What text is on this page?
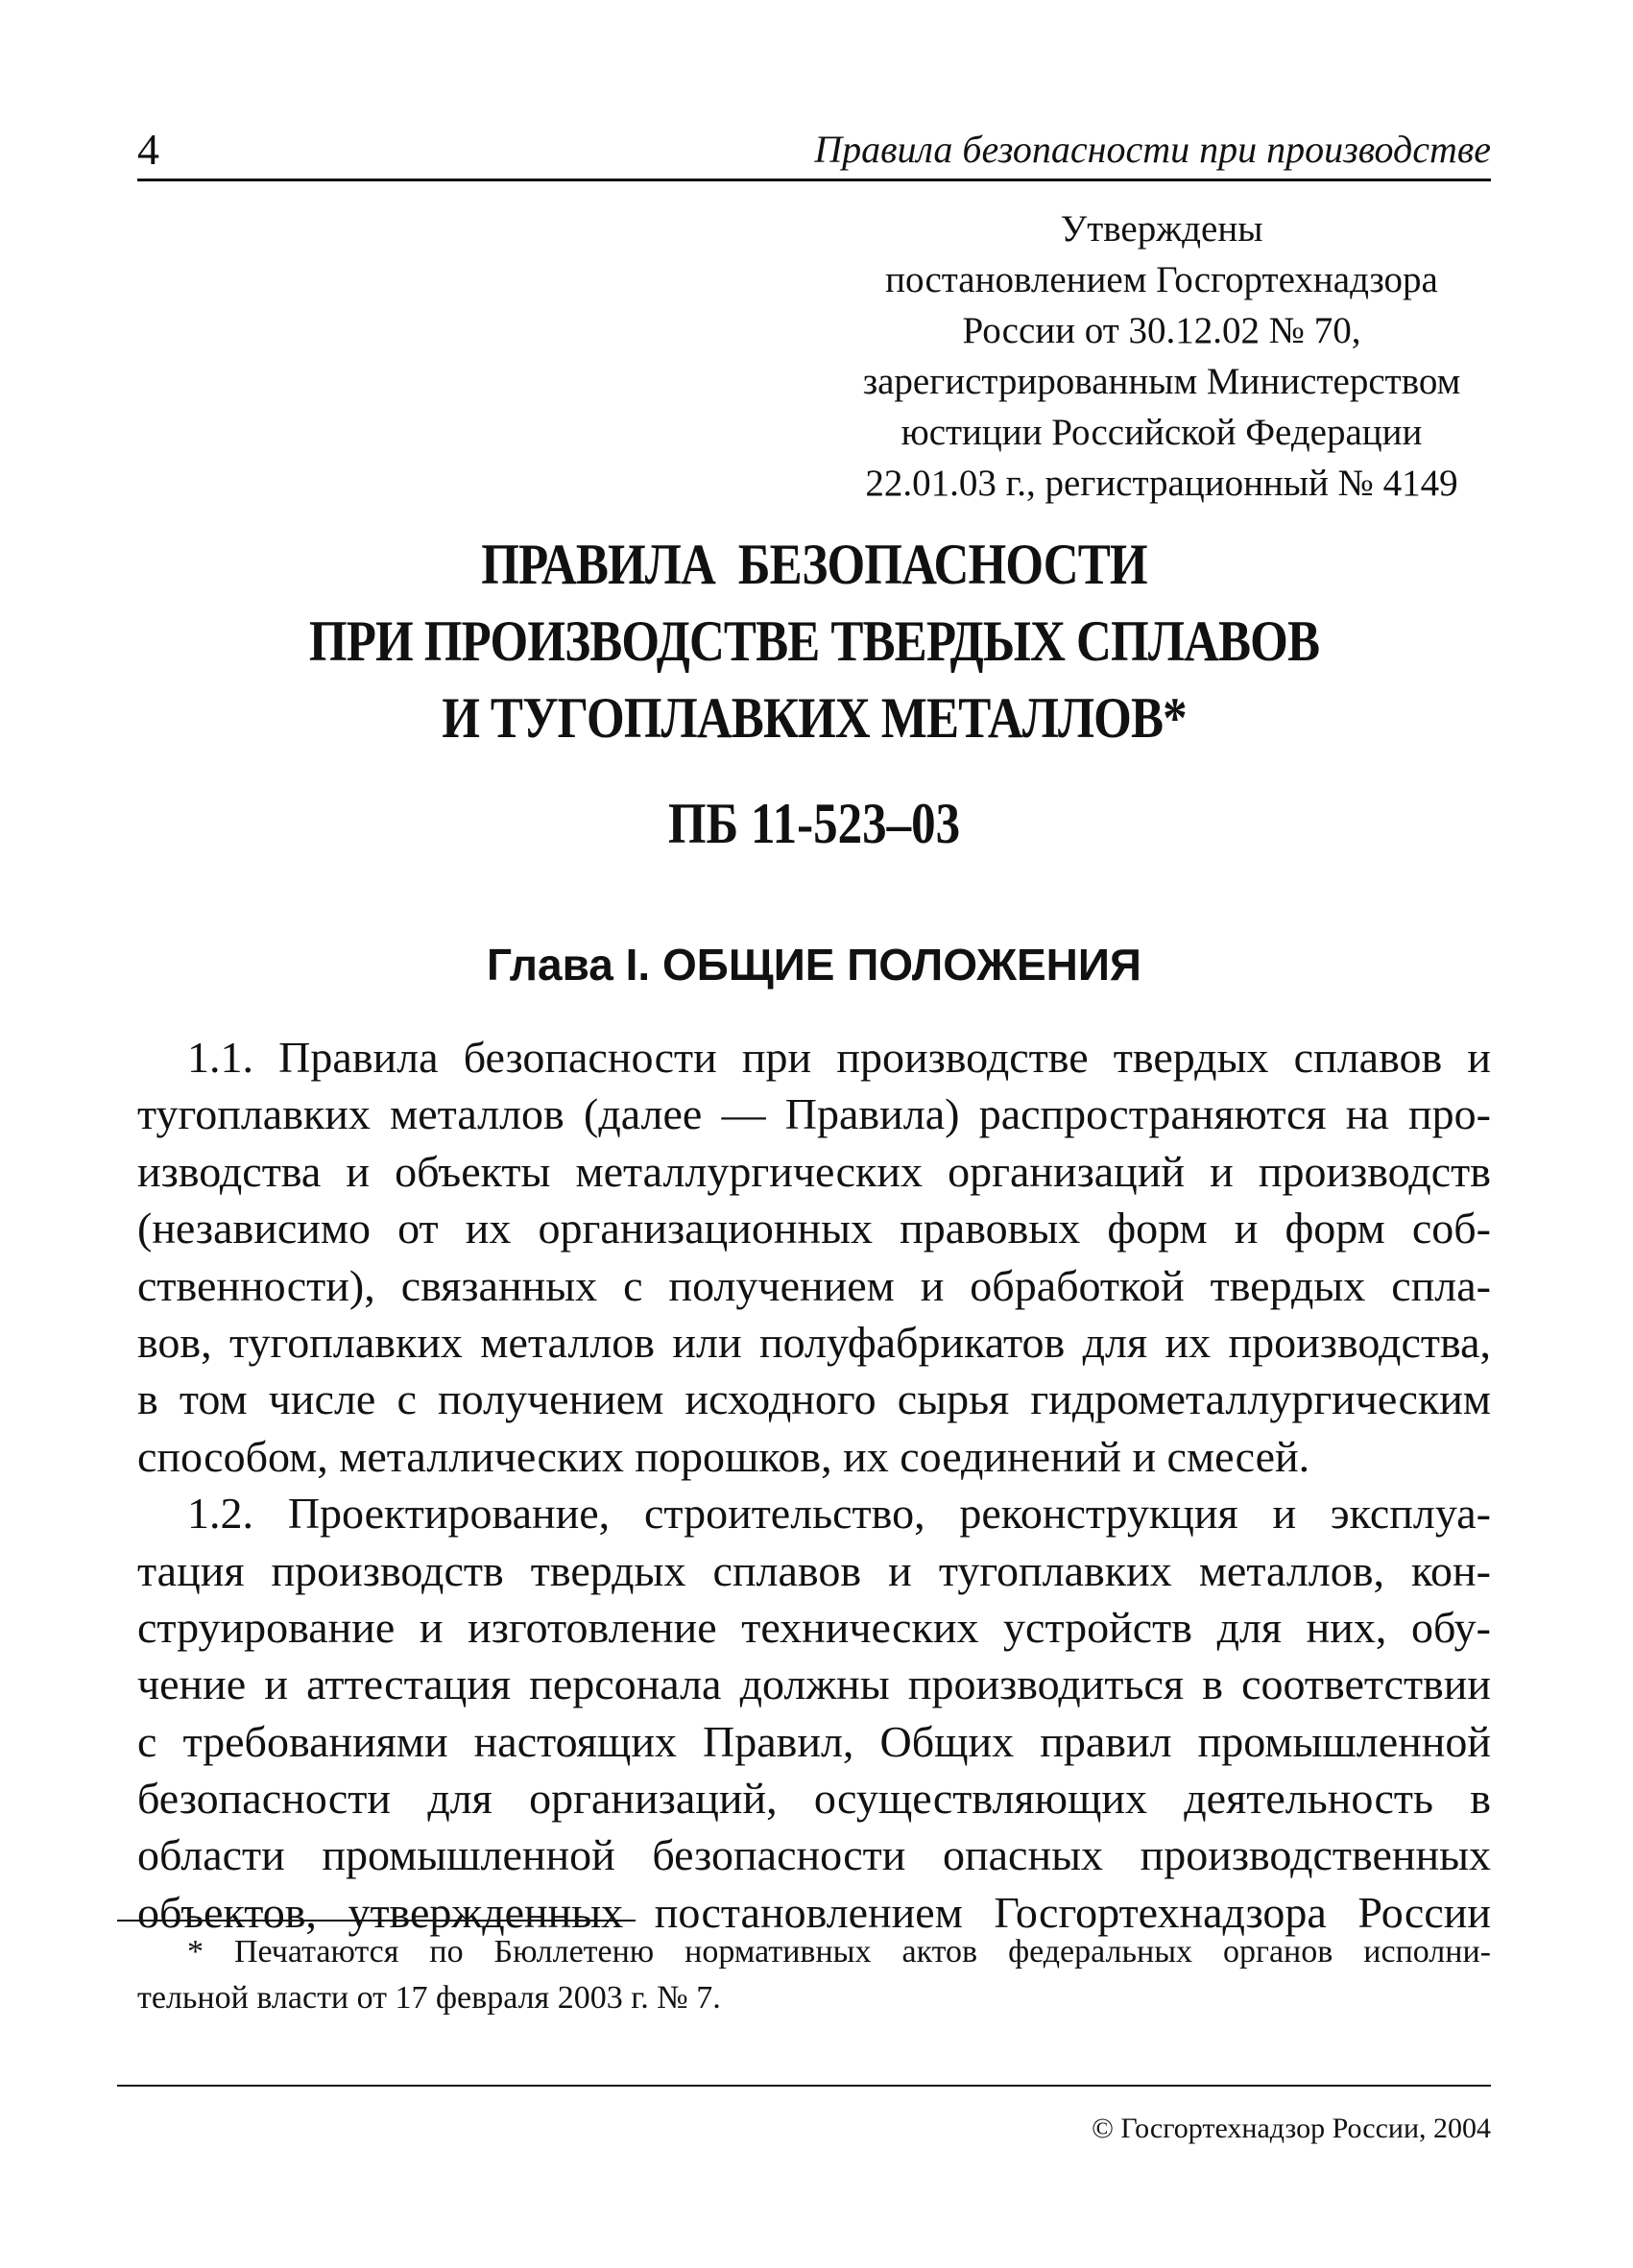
4	Правила безопасности при производстве
Утверждены
постановлением Госгортехнадзора
России от 30.12.02 № 70,
зарегистрированным Министерством
юстиции Российской Федерации
22.01.03 г., регистрационный № 4149
ПРАВИЛА  БЕЗОПАСНОСТИ
ПРИ ПРОИЗВОДСТВЕ ТВЕРДЫХ СПЛАВОВ
И ТУГОПЛАВКИХ МЕТАЛЛОВ*
ПБ 11-523–03
Глава I. ОБЩИЕ ПОЛОЖЕНИЯ
1.1. Правила безопасности при производстве твердых сплавов и
тугоплавких металлов (далее — Правила) распространяются на про-
изводства и объекты металлургических организаций и производств
(независимо от их организационных правовых форм и форм соб-
ственности), связанных с получением и обработкой твердых спла-
вов, тугоплавких металлов или полуфабрикатов для их производства,
в том числе с получением исходного сырья гидрометаллургическим
способом, металлических порошков, их соединений и смесей.
1.2. Проектирование, строительство, реконструкция и эксплуа-
тация производств твердых сплавов и тугоплавких металлов, кон-
струирование и изготовление технических устройств для них, обу-
чение и аттестация персонала должны производиться в соответствии
с требованиями настоящих Правил, Общих правил промышленной
безопасности для организаций, осуществляющих деятельность в
области промышленной безопасности опасных производственных
объектов, утвержденных постановлением Госгортехнадзора России
* Печатаются по Бюллетеню нормативных актов федеральных органов исполни-
тельной власти от 17 февраля 2003 г. № 7.
© Госгортехнадзор России, 2004
